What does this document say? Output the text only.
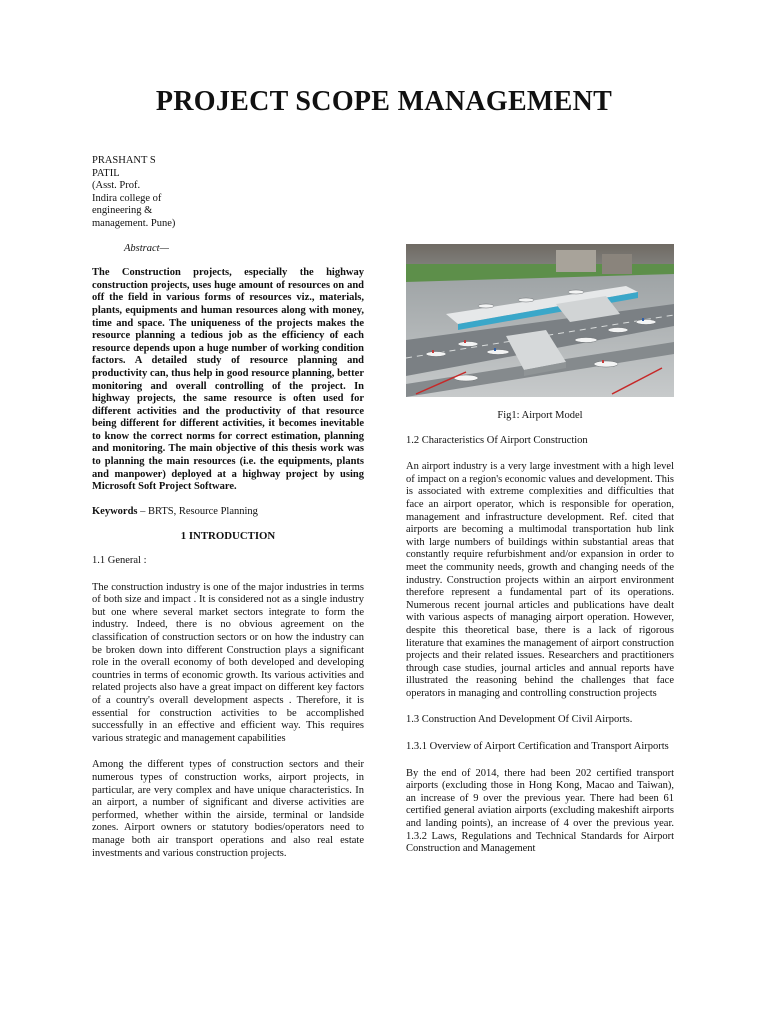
PROJECT SCOPE MANAGEMENT

PRASHANT S

PATIL

(Asst. Prof.

Indira college of

engineering &

management. Pune)

Abstract—

The Construction projects, especially the highway construction projects, uses huge amount of resources on and off the field in various forms of resources viz., materials, plants, equipments and human resources along with money, time and space. The uniqueness of the projects makes the resource planning a tedious job as the efficiency of each resource depends upon a huge number of working condition factors. A detailed study of resource planning and productivity can, thus help in good resource planning, better monitoring and overall controlling of the project. In highway projects, the same resource is often used for different activities and the productivity of that resource being different for different activities, it becomes inevitable to know the correct norms for correct estimation, planning and monitoring. The main objective of this thesis work was to planning the main resources (i.e. the equipments, plants and manpower) deployed at a highway project by using Microsoft Soft Project Software.

Keywords – BRTS, Resource Planning

1 INTRODUCTION

1.1 General :

The construction industry is one of the major industries in terms of both size and impact . It is considered not as a single industry but one where several market sectors integrate to form the industry. Indeed, there is no obvious agreement on the classification of construction sectors or on how the industry can be broken down into different Construction plays a significant role in the overall economy of both developed and developing countries in terms of economic growth. Its various activities and related projects also have a great impact on different key factors of a country's overall development aspects . Therefore, it is essential for construction activities to be accomplished successfully in an effective and efficient way. This requires various strategic and management capabilities

Among the different types of construction sectors and their numerous types of construction works, airport projects, in particular, are very complex and have unique characteristics. In an airport, a number of significant and diverse activities are performed, whether within the airside, terminal or landside zones. Airport owners or statutory bodies/operators need to manage both air transport operations and also real estate investments and various construction projects.

Fig1: Airport Model

1.2 Characteristics Of Airport Construction

An airport industry is a very large investment with a high level of impact on a region's economic values and development. This is associated with extreme complexities and difficulties that face an airport operator, which is responsible for operation, management and infrastructure development. Ref. cited that airports are becoming a multimodal transportation hub link with large numbers of buildings within substantial areas that constantly require refurbishment and/or expansion in order to meet the community needs, growth and changing needs of the industry. Construction projects within an airport environment therefore represent a fundamental part of its operations. Numerous recent journal articles and publications have dealt with various aspects of managing airport operation. However, despite this theoretical base, there is a lack of rigorous literature that examines the management of airport construction projects and their related issues. Researchers and practitioners through case studies, journal articles and annual reports have illustrated the reasoning behind the challenges that face operators in managing and controlling construction projects

1.3 Construction And Development Of Civil Airports.

1.3.1 Overview of Airport Certification and Transport Airports

By the end of 2014, there had been 202 certified transport airports (excluding those in Hong Kong, Macao and Taiwan), an increase of 9 over the previous year. There had been 61 certified general aviation airports (excluding makeshift airports and landing points), an increase of 4 over the previous year. 1.3.2 Laws, Regulations and Technical Standards for Airport Construction and Management
